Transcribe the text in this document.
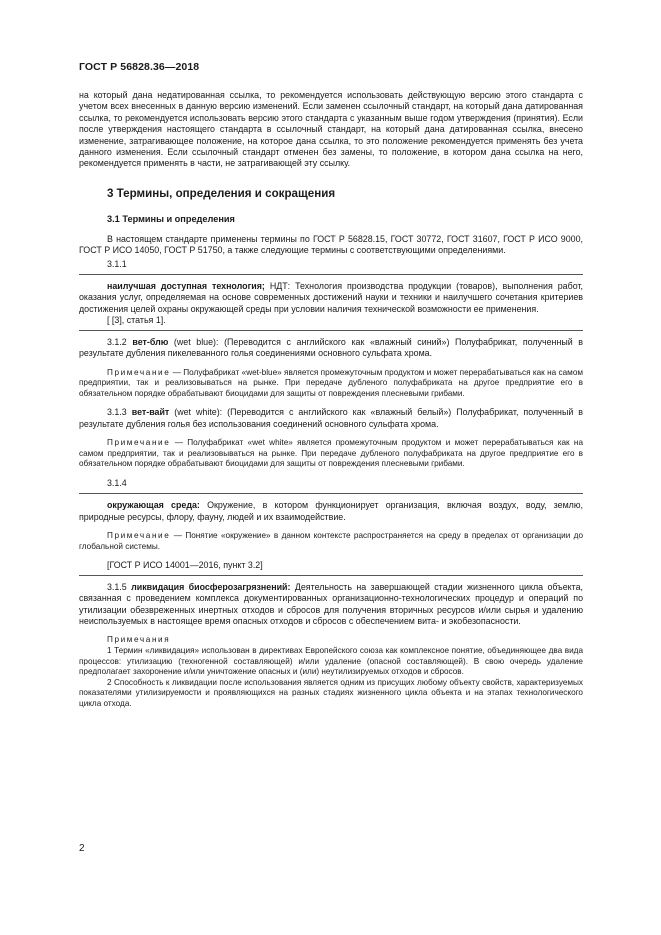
ГОСТ Р 56828.36—2018

на который дана недатированная ссылка, то рекомендуется использовать действующую версию этого стандарта с учетом всех внесенных в данную версию изменений. Если заменен ссылочный стандарт, на который дана датированная ссылка, то рекомендуется использовать версию этого стандарта с указанным выше годом утверждения (принятия). Если после утверждения настоящего стандарта в ссылочный стандарт, на который дана датированная ссылка, внесено изменение, затрагивающее положение, на которое дана ссылка, то это положение рекомендуется применять без учета данного изменения. Если ссылочный стандарт отменен без замены, то положение, в котором дана ссылка на него, рекомендуется применять в части, не затрагивающей эту ссылку.

3 Термины, определения и сокращения

3.1 Термины и определения

В настоящем стандарте применены термины по ГОСТ Р 56828.15, ГОСТ 30772, ГОСТ 31607, ГОСТ Р ИСО 9000, ГОСТ Р ИСО 14050, ГОСТ Р 51750, а также следующие термины с соответствующими определениями.

3.1.1

наилучшая доступная технология; НДТ: Технология производства продукции (товаров), выполнения работ, оказания услуг, определяемая на основе современных достижений науки и техники и наилучшего сочетания критериев достижения целей охраны окружающей среды при условии наличия технической возможности ее применения.

[ [3], статья 1].

3.1.2 вет-блю (wet blue): (Переводится с английского как «влажный синий») Полуфабрикат, полученный в результате дубления пикелеванного голья соединениями основного сульфата хрома.

Примечание — Полуфабрикат «wet-blue» является промежуточным продуктом и может перерабатываться как на самом предприятии, так и реализовываться на рынке. При передаче дубленого полуфабриката на другое предприятие его в обязательном порядке обрабатывают биоцидами для защиты от повреждения плесневыми грибами.

3.1.3 вет-вайт (wet white): (Переводится с английского как «влажный белый») Полуфабрикат, полученный в результате дубления голья без использования соединений основного сульфата хрома.

Примечание — Полуфабрикат «wet white» является промежуточным продуктом и может перерабатываться как на самом предприятии, так и реализовываться на рынке. При передаче дубленого полуфабриката на другое предприятие его в обязательном порядке обрабатывают биоцидами для защиты от повреждения плесневыми грибами.

3.1.4

окружающая среда: Окружение, в котором функционирует организация, включая воздух, воду, землю, природные ресурсы, флору, фауну, людей и их взаимодействие.

Примечание — Понятие «окружение» в данном контексте распространяется на среду в пределах от организации до глобальной системы.

[ГОСТ Р ИСО 14001—2016, пункт 3.2]

3.1.5 ликвидация биосферозагрязнений: Деятельность на завершающей стадии жизненного цикла объекта, связанная с проведением комплекса документированных организационно-технологических процедур и операций по утилизации обезвреженных инертных отходов и сбросов для получения вторичных ресурсов и/или сырья и удалению неиспользуемых в настоящее время опасных отходов и сбросов с обеспечением вита- и экобезопасности.

Примечания

1 Термин «ликвидация» использован в директивах Европейского союза как комплексное понятие, объединяющее два вида процессов: утилизацию (техногенной составляющей) и/или удаление (опасной составляющей). В свою очередь удаление предполагает захоронение и/или уничтожение опасных и (или) неутилизируемых отходов и сбросов.

2 Способность к ликвидации после использования является одним из присущих любому объекту свойств, характеризуемых показателями утилизируемости и проявляющихся на разных стадиях жизненного цикла объекта и на этапах технологического цикла отхода.

2
